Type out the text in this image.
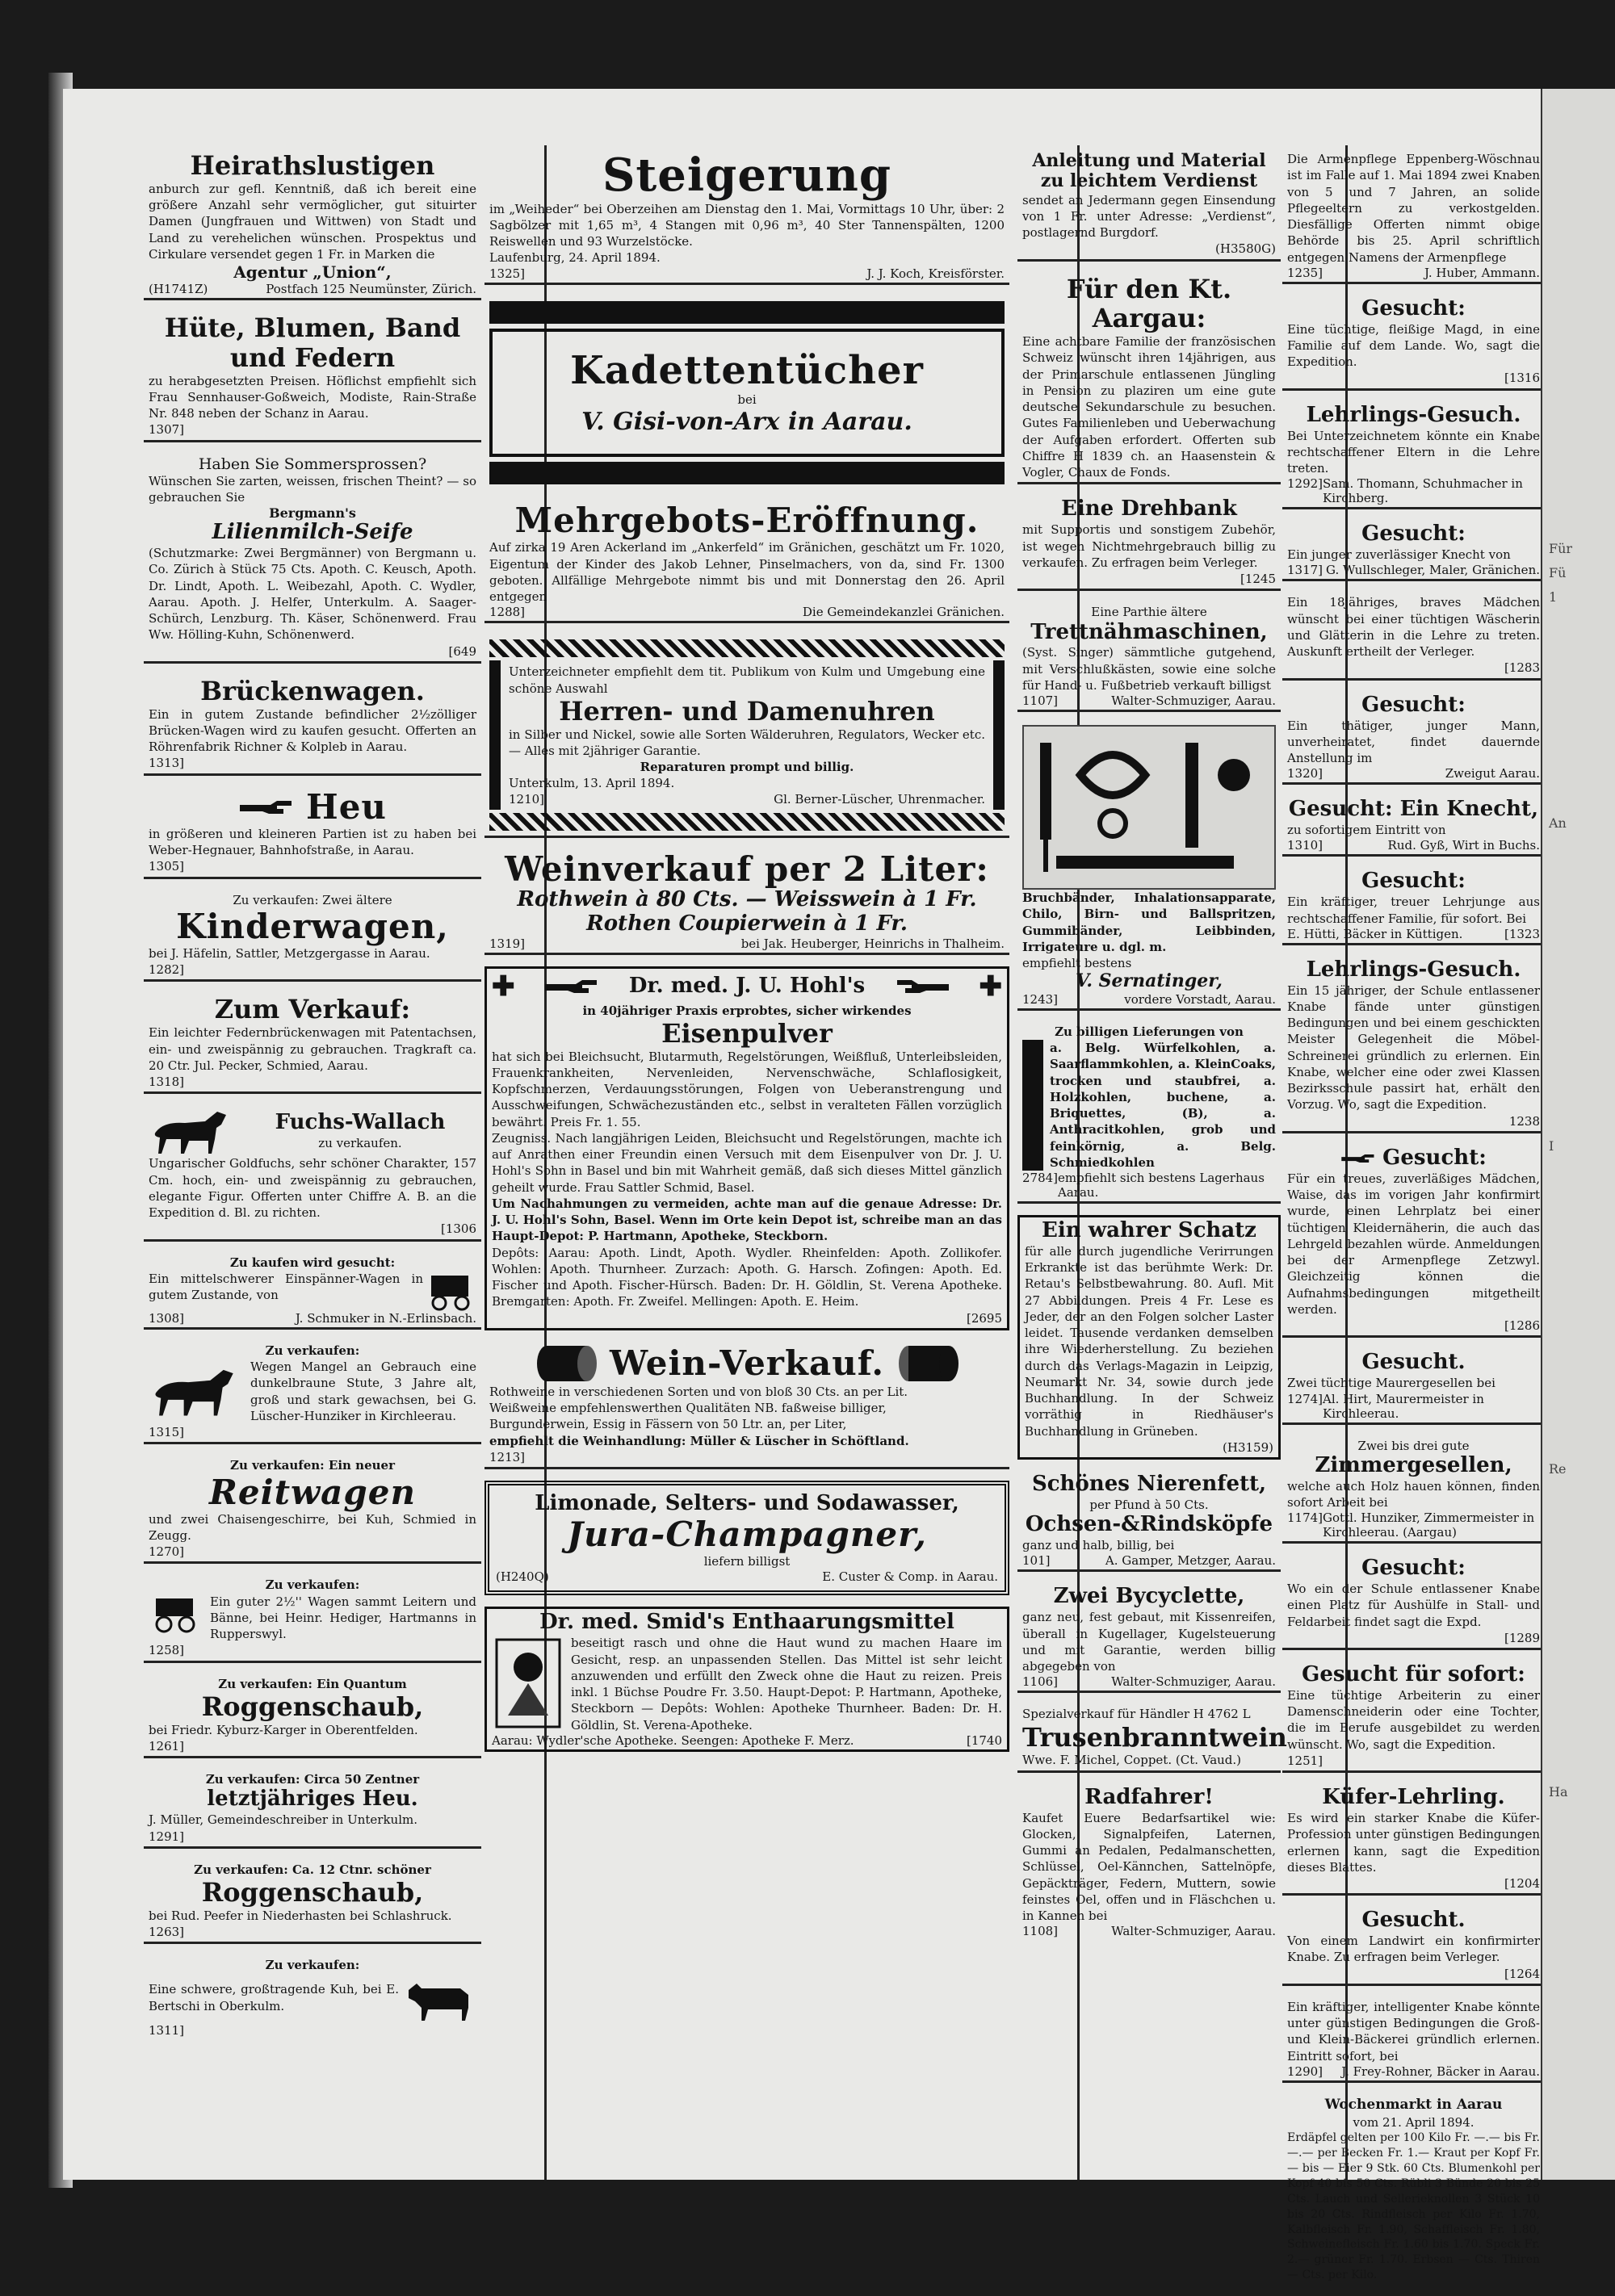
Heirathslustigen
anburch zur gefl. Kenntniß, daß ich bereit eine größere Anzahl sehr vermöglicher, gut situirter Damen (Jungfrauen und Wittwen) von Stadt und Land zu verehelichen wünschen. Prospektus und Cirkulare versendet gegen 1 Fr. in Marken die
Agentur „Union“,
(H1741Z)	Postfach 125 Neumünster, Zürich.
Hüte, Blumen, Band und Federn
zu herabgesetzten Preisen. Höflichst empfiehlt sich Frau Sennhauser-Goßweich, Modiste, Rain-Straße Nr. 848 neben der Schanz in Aarau.
1307]
Haben Sie Sommersprossen?
Wünschen Sie zarten, weissen, frischen Theint? — so gebrauchen Sie
Bergmann's
Lilienmilch-Seife
(Schutzmarke: Zwei Bergmänner) von Bergmann u. Co. Zürich à Stück 75 Cts. Apoth. C. Keusch, Apoth. Dr. Lindt, Apoth. L. Weibezahl, Apoth. C. Wydler, Aarau. Apoth. J. Helfer, Unterkulm. A. Saager-Schürch, Lenzburg. Th. Käser, Schönenwerd. Frau Ww. Hölling-Kuhn, Schönenwerd.
[649
Brückenwagen.
Ein in gutem Zustande befindlicher 2½zölliger Brücken-Wagen wird zu kaufen gesucht. Offerten an Röhrenfabrik Richner & Kolpleb in Aarau.
1313]
Heu
in größeren und kleineren Partien ist zu haben bei Weber-Hegnauer, Bahnhofstraße, in Aarau.
1305]
Zu verkaufen: Zwei ältere
Kinderwagen,
bei J. Häfelin, Sattler, Metzgergasse in Aarau.
1282]
Zum Verkauf:
Ein leichter Federnbrückenwagen mit Patentachsen, ein- und zweispännig zu gebrauchen. Tragkraft ca. 20 Ctr. Jul. Pecker, Schmied, Aarau.
1318]
Fuchs-Wallach
zu verkaufen.
Ungarischer Goldfuchs, sehr schöner Charakter, 157 Cm. hoch, ein- und zweispännig zu gebrauchen, elegante Figur. Offerten unter Chiffre A. B. an die Expedition d. Bl. zu richten.
[1306
Zu kaufen wird gesucht:
Ein mittelschwerer Einspänner-Wagen in gutem Zustande, von
1308]	J. Schmuker in N.-Erlinsbach.
Zu verkaufen:
Wegen Mangel an Gebrauch eine dunkelbraune Stute, 3 Jahre alt, groß und stark gewachsen, bei G. Lüscher-Hunziker in Kirchleerau.
1315]
Zu verkaufen: Ein neuer
Reitwagen
und zwei Chaisengeschirre, bei Kuh, Schmied in Zeugg.
1270]
Zu verkaufen:
Ein guter 2½'' Wagen sammt Leitern und Bänne, bei Heinr. Hediger, Hartmanns in Rupperswyl.
1258]
Zu verkaufen: Ein Quantum
Roggenschaub,
bei Friedr. Kyburz-Karger in Oberentfelden.
1261]
Zu verkaufen: Circa 50 Zentner
letztjähriges Heu.
J. Müller, Gemeindeschreiber in Unterkulm.
1291]
Zu verkaufen: Ca. 12 Ctnr. schöner
Roggenschaub,
bei Rud. Peefer in Niederhasten bei Schlashruck.
1263]
Zu verkaufen:
Eine schwere, großtragende Kuh, bei E. Bertschi in Oberkulm.
1311]
Steigerung
im „Weiheder“ bei Oberzeihen am Dienstag den 1. Mai, Vormittags 10 Uhr, über: 2 Sagbölzer mit 1,65 m³, 4 Stangen mit 0,96 m³, 40 Ster Tannenspälten, 1200 Reiswellen und 93 Wurzelstöcke.
Laufenburg, 24. April 1894.
1325]	J. J. Koch, Kreisförster.
Kadettentücher
bei
V. Gisi-von-Arx in Aarau.
Mehrgebots-Eröffnung.
Auf zirka 19 Aren Ackerland im „Ankerfeld“ im Gränichen, geschätzt um Fr. 1020, Eigentum der Kinder des Jakob Lehner, Pinselmachers, von da, sind Fr. 1300 geboten. Allfällige Mehrgebote nimmt bis und mit Donnerstag den 26. April entgegen
1288]	Die Gemeindekanzlei Gränichen.
Unterzeichneter empfiehlt dem tit. Publikum von Kulm und Umgebung eine schöne Auswahl
Herren- und Damenuhren
in Silber und Nickel, sowie alle Sorten Wälderuhren, Regulators, Wecker etc. — Alles mit 2jähriger Garantie.
Reparaturen prompt und billig.
Unterkulm, 13. April 1894.
1210]	Gl. Berner-Lüscher, Uhrenmacher.
Weinverkauf per 2 Liter:
Rothwein à 80 Cts. — Weisswein à 1 Fr.
Rothen Coupierwein à 1 Fr.
1319]	bei Jak. Heuberger, Heinrichs in Thalheim.
✚	Dr. med. J. U. Hohl's	✚
in 40jähriger Praxis erprobtes, sicher wirkendes
Eisenpulver
hat sich bei Bleichsucht, Blutarmuth, Regelstörungen, Weißfluß, Unterleibsleiden, Frauenkrankheiten, Nervenleiden, Nervenschwäche, Schlaflosigkeit, Kopfschmerzen, Verdauungsstörungen, Folgen von Ueberanstrengung und Ausschweifungen, Schwächezuständen etc., selbst in veralteten Fällen vorzüglich bewährt. Preis Fr. 1. 55.
Zeugniss. Nach langjährigen Leiden, Bleichsucht und Regelstörungen, machte ich auf Anrathen einer Freundin einen Versuch mit dem Eisenpulver von Dr. J. U. Hohl's Sohn in Basel und bin mit Wahrheit gemäß, daß sich dieses Mittel gänzlich geheilt wurde. Frau Sattler Schmid, Basel.
Um Nachahmungen zu vermeiden, achte man auf die genaue Adresse: Dr. J. U. Hohl's Sohn, Basel. Wenn im Orte kein Depot ist, schreibe man an das Haupt-Depot: P. Hartmann, Apotheke, Steckborn.
Depôts: Aarau: Apoth. Lindt, Apoth. Wydler. Rheinfelden: Apoth. Zollikofer. Wohlen: Apoth. Thurnheer. Zurzach: Apoth. G. Harsch. Zofingen: Apoth. Ed. Fischer und Apoth. Fischer-Hürsch. Baden: Dr. H. Göldlin, St. Verena Apotheke. Bremgarten: Apoth. Fr. Zweifel. Mellingen: Apoth. E. Heim.
[2695
Wein-Verkauf.
Rothweine in verschiedenen Sorten und von bloß 30 Cts. an per Lit.
Weißweine empfehlenswerthen Qualitäten NB. faßweise billiger,
Burgunderwein, Essig in Fässern von 50 Ltr. an, per Liter,
empfiehlt die Weinhandlung: Müller & Lüscher in Schöftland.
1213]
Limonade, Selters- und Sodawasser,
Jura-Champagner,
liefern billigst
(H240Q)	E. Custer & Comp. in Aarau.
Dr. med. Smid's Enthaarungsmittel
beseitigt rasch und ohne die Haut wund zu machen Haare im Gesicht, resp. an unpassenden Stellen. Das Mittel ist sehr leicht anzuwenden und erfüllt den Zweck ohne die Haut zu reizen. Preis inkl. 1 Büchse Poudre Fr. 3.50. Haupt-Depot: P. Hartmann, Apotheke, Steckborn — Depôts: Wohlen: Apotheke Thurnheer. Baden: Dr. H. Göldlin, St. Verena-Apotheke.
Aarau: Wydler'sche Apotheke. Seengen: Apotheke F. Merz.	[1740
Anleitung und Material zu leichtem Verdienst
sendet an Jedermann gegen Einsendung von 1 Fr. unter Adresse: „Verdienst“, postlagernd Burgdorf.
(H3580G)
Für den Kt. Aargau:
Eine achtbare Familie der französischen Schweiz wünscht ihren 14jährigen, aus der Primarschule entlassenen Jüngling in Pension zu plaziren um eine gute deutsche Sekundarschule zu besuchen. Gutes Familienleben und Ueberwachung der Aufgaben erfordert. Offerten sub Chiffre H 1839 ch. an Haasenstein & Vogler, Chaux de Fonds.
Eine Drehbank
mit Supportis und sonstigem Zubehör, ist wegen Nichtmehrgebrauch billig zu verkaufen. Zu erfragen beim Verleger.
[1245
Eine Parthie ältere
Trettnähmaschinen,
(Syst. Singer) sämmtliche gutgehend, mit Verschlußkästen, sowie eine solche für Hand- u. Fußbetrieb verkauft billigst
1107]	Walter-Schmuziger, Aarau.
Bruchbänder, Inhalationsapparate, Chilo, Birn- und Ballspritzen, Gummibänder, Leibbinden, Irrigateure u. dgl. m.
empfiehlt bestens
V. Sernatinger,
1243]	vordere Vorstadt, Aarau.
Zu billigen Lieferungen von
a. Belg. Würfelkohlen, a. Saarflammkohlen, a. KleinCoaks, trocken und staubfrei, a. Holzkohlen, buchene, a. Briquettes, (B), a. Anthracitkohlen, grob und feinkörnig, a. Belg. Schmiedkohlen
2784] empfiehlt sich bestens Lagerhaus Aarau.
Ein wahrer Schatz
für alle durch jugendliche Verirrungen Erkrankte ist das berühmte Werk: Dr. Retau's Selbstbewahrung. 80. Aufl. Mit 27 Abbildungen. Preis 4 Fr. Lese es Jeder, der an den Folgen solcher Laster leidet. Tausende verdanken demselben ihre Wiederherstellung. Zu beziehen durch das Verlags-Magazin in Leipzig, Neumarkt Nr. 34, sowie durch jede Buchhandlung. In der Schweiz vorräthig in Riedhäuser's Buchhandlung in Grüneben.
(H3159)
Schönes Nierenfett,
per Pfund à 50 Cts.
Ochsen-&Rindsköpfe
ganz und halb, billig, bei
101]	A. Gamper, Metzger, Aarau.
Zwei Bycyclette,
ganz neu, fest gebaut, mit Kissenreifen, überall in Kugellager, Kugelsteuerung und mit Garantie, werden billig abgegeben von
1106]	Walter-Schmuziger, Aarau.
Spezialverkauf für Händler H 4762 L
Trusenbranntwein
Wwe. F. Michel, Coppet. (Ct. Vaud.)
Radfahrer!
Kaufet Euere Bedarfsartikel wie: Glocken, Signalpfeifen, Laternen, Gummi an Pedalen, Pedalmanschetten, Schlüssel, Oel-Kännchen, Sattelnöpfe, Gepäckträger, Federn, Muttern, sowie feinstes Oel, offen und in Fläschchen u. in Kannen bei
1108]	Walter-Schmuziger, Aarau.
Die Armenpflege Eppenberg-Wöschnau ist im Falle auf 1. Mai 1894 zwei Knaben von 5 und 7 Jahren, an solide Pflegeeltern zu verkostgelden. Diesfällige Offerten nimmt obige Behörde bis 25. April schriftlich entgegen Namens der Armenpflege
1235]	J. Huber, Ammann.
Gesucht:
Eine tüchtige, fleißige Magd, in eine Familie auf dem Lande. Wo, sagt die Expedition.
[1316
Lehrlings-Gesuch.
Bei Unterzeichnetem könnte ein Knabe rechtschaffener Eltern in die Lehre treten.
1292] Sam. Thomann, Schuhmacher in Kirchberg.
Gesucht:
Ein junger zuverlässiger Knecht von
1317] G. Wullschleger, Maler, Gränichen.
Ein 18jähriges, braves Mädchen wünscht bei einer tüchtigen Wäscherin und Glätterin in die Lehre zu treten. Auskunft ertheilt der Verleger.
[1283
Gesucht:
Ein thätiger, junger Mann, unverheiratet, findet dauernde Anstellung im
1320]	Zweigut Aarau.
Gesucht: Ein Knecht,
zu sofortigem Eintritt von
1310]	Rud. Gyß, Wirt in Buchs.
Gesucht:
Ein kräftiger, treuer Lehrjunge aus rechtschaffener Familie, für sofort. Bei
E. Hütti, Bäcker in Küttigen.	[1323
Lehrlings-Gesuch.
Ein 15 jähriger, der Schule entlassener Knabe fände unter günstigen Bedingungen und bei einem geschickten Meister Gelegenheit die Möbel-Schreinerei gründlich zu erlernen. Ein Knabe, welcher eine oder zwei Klassen Bezirksschule passirt hat, erhält den Vorzug. Wo, sagt die Expedition.
1238
Gesucht:
Für ein treues, zuverläßiges Mädchen, Waise, das im vorigen Jahr konfirmirt wurde, einen Lehrplatz bei einer tüchtigen Kleidernäherin, die auch das Lehrgeld bezahlen würde. Anmeldungen bei der Armenpflege Zetzwyl. Gleichzeitig können die Aufnahmsbedingungen mitgetheilt werden.
[1286
Gesucht.
Zwei tüchtige Maurergesellen bei
1274] Al. Hirt, Maurermeister in Kirchleerau.
Zwei bis drei gute
Zimmergesellen,
welche auch Holz hauen können, finden sofort Arbeit bei
1174] Gottl. Hunziker, Zimmermeister in Kirchleerau. (Aargau)
Gesucht:
Wo ein der Schule entlassener Knabe einen Platz für Aushülfe in Stall- und Feldarbeit findet sagt die Expd.
[1289
Gesucht für sofort:
Eine tüchtige Arbeiterin zu einer Damenschneiderin oder eine Tochter, die im Berufe ausgebildet zu werden wünscht. Wo, sagt die Expedition.
1251]
Küfer-Lehrling.
Es wird ein starker Knabe die Küfer-Profession unter günstigen Bedingungen erlernen kann, sagt die Expedition dieses Blattes.
[1204
Gesucht.
Von einem Landwirt ein konfirmirter Knabe. Zu erfragen beim Verleger.
[1264
Ein kräftiger, intelligenter Knabe könnte unter günstigen Bedingungen die Groß- und Klein-Bäckerei gründlich erlernen. Eintritt sofort, bei
1290] J. Frey-Rohner, Bäcker in Aarau.
Wochenmarkt in Aarau
vom 21. April 1894.
Erdäpfel gelten per 100 Kilo Fr. —.— bis Fr. —.— per Becken Fr. 1.— Kraut per Kopf Fr. — bis — Eier 9 Stk. 60 Cts. Blumenkohl per Kopf 40 bis 50 Cts. Rübli 3 Bünde 20 bis 25 Cts. Lauch und Sellerieknollen 3 Stück 10 bis 20 Cts. Rindfleisch per Kilo Fr. 1.70, Kalbfleisch Fr. 1.90, Schaffleisch Fr. 1.80, Schweinefleisch Fr. 1.60 bis 1.70. Speck Fr. 2.— grüner Fr. 1.70. Erbsen — Cts. Thiren — Cts. per Kilo.
Für
Fü
1
An
I
Re
Ha
